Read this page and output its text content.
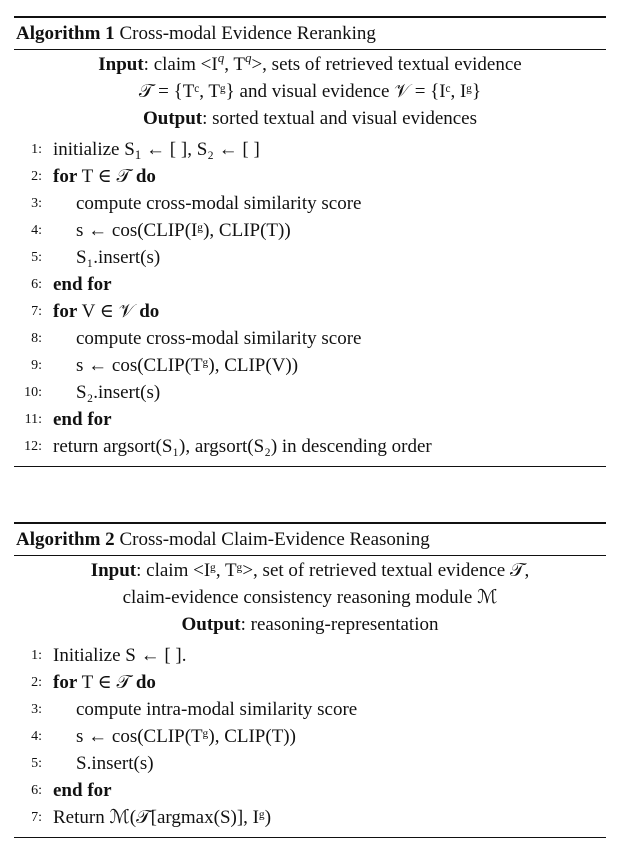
Algorithm 1 Cross-modal Evidence Reranking
Input: claim $<I^q$, $T^q>$, sets of retrieved textual evidence
𝒯 = {Tᶜ, Tᵍ} and visual evidence 𝒱 = {Iᶜ, Iᵍ}
Output: sorted textual and visual evidences
1: initialize $S_1$ ← [ ], S₂ ← [ ]
2: for T ∈ 𝒯 do
3: compute cross-modal similarity score
4: s ← cos(CLIP(Iᵍ), CLIP(T))
5: S₁.insert(s)
6: end for
7: for V ∈ 𝒱 do
8: compute cross-modal similarity score
9: s ← cos(CLIP(Tᵍ), CLIP(V))
10: S₂.insert(s)
11: end for
12: return argsort(S₁), argsort(S₂) in descending order
Algorithm 2 Cross-modal Claim-Evidence Reasoning
Input: claim <Iᵍ, Tᵍ>, set of retrieved textual evidence 𝒯,
claim-evidence consistency reasoning module ℳ
Output: reasoning-representation
1: Initialize S ← [ ].
2: for T ∈ 𝒯 do
3: compute intra-modal similarity score
4: s ← cos(CLIP(Tᵍ), CLIP(T))
5: S.insert(s)
6: end for
7: Return ℳ(𝒯[argmax(S)], Iᵍ)
